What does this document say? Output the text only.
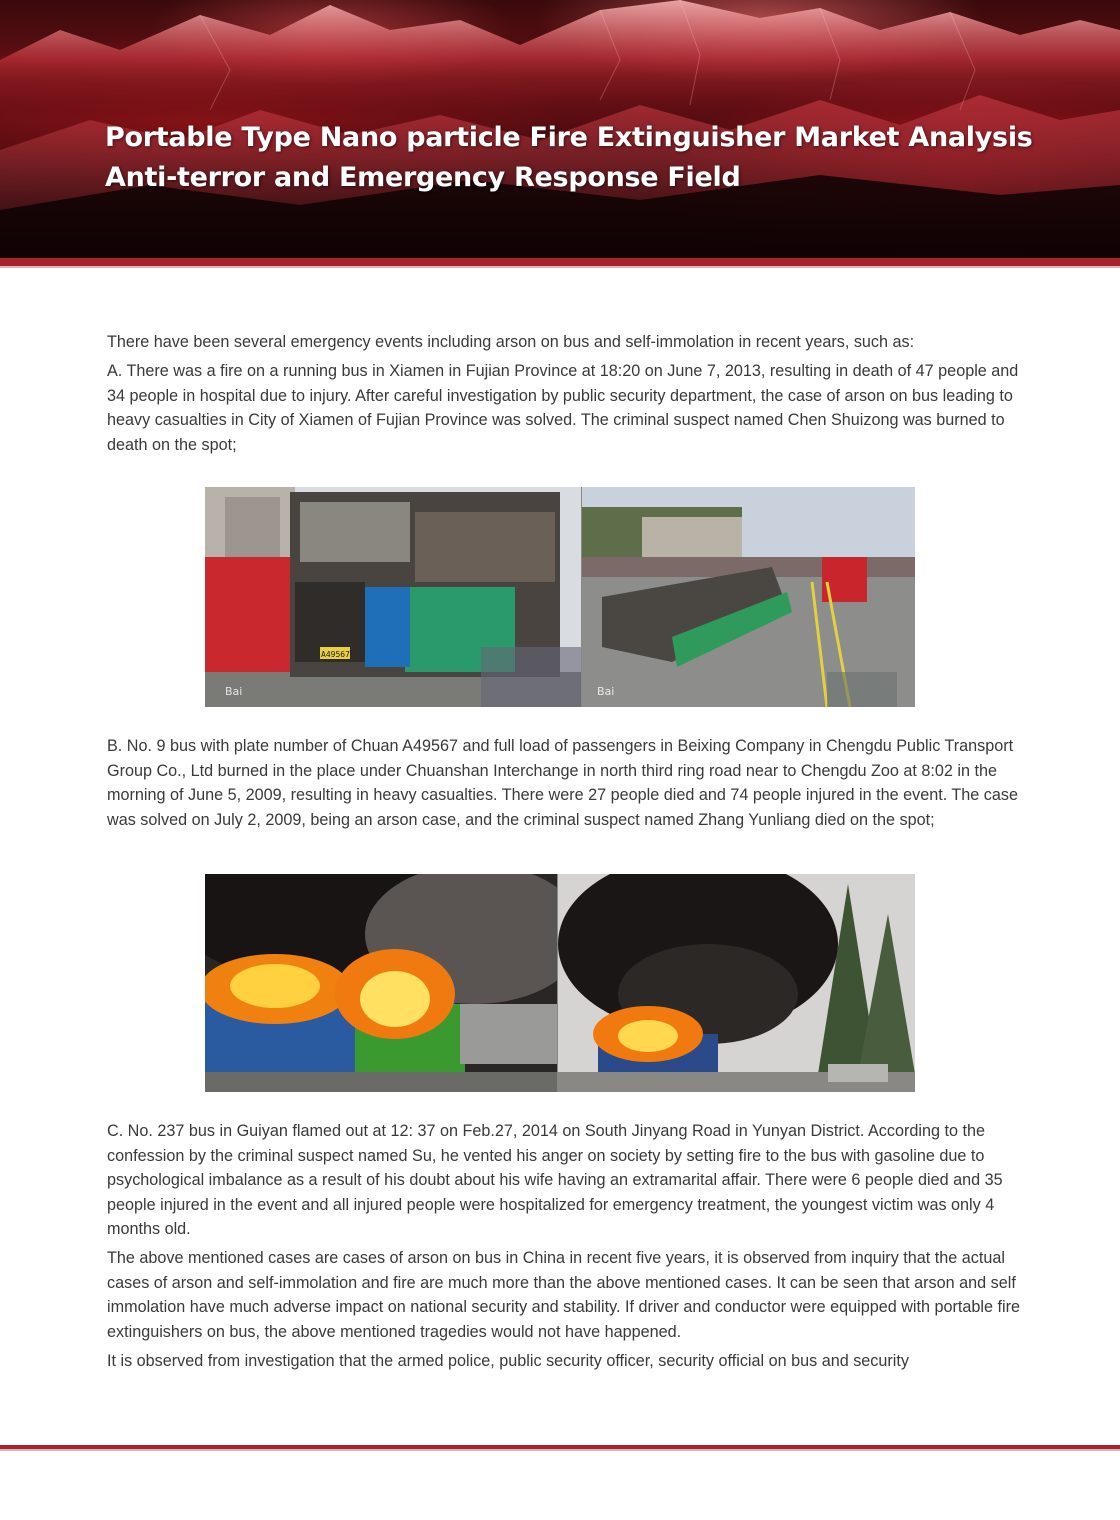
Portable Type Nano particle Fire Extinguisher Market Analysis
Anti-terror and Emergency Response Field

There have been several emergency events including arson on bus and self-immolation in recent years, such as:

A. There was a fire on a running bus in Xiamen in Fujian Province at 18:20 on June 7, 2013, resulting in death of 47 people and 34 people in hospital due to injury. After careful investigation by public security department, the case of arson on bus leading to heavy casualties in City of Xiamen of Fujian Province was solved. The criminal suspect named Chen Shuizong was burned to death on the spot;

Bai
A49567
Bai

B. No. 9 bus with plate number of Chuan A49567 and full load of passengers in Beixing Company in Chengdu Public Transport Group Co., Ltd burned in the place under Chuanshan Interchange in north third ring road near to Chengdu Zoo at 8:02 in the morning of June 5, 2009, resulting in heavy casualties. There were 27 people died and 74 people injured in the event. The case was solved on July 2, 2009, being an arson case, and the criminal suspect named Zhang Yunliang died on the spot;

C. No. 237 bus in Guiyan flamed out at 12: 37 on Feb.27, 2014 on South Jinyang Road in Yunyan District. According to the confession by the criminal suspect named Su, he vented his anger on society by setting fire to the bus with gasoline due to psychological imbalance as a result of his doubt about his wife having an extramarital affair. There were 6 people died and 35 people injured in the event and all injured people were hospitalized for emergency treatment, the youngest victim was only 4 months old.

The above mentioned cases are cases of arson on bus in China in recent five years, it is observed from inquiry that the actual cases of arson and self-immolation and fire are much more than the above mentioned cases. It can be seen that arson and self immolation have much adverse impact on national security and stability. If driver and conductor were equipped with portable fire extinguishers on bus, the above mentioned tragedies would not have happened.

It is observed from investigation that the armed police, public security officer, security official on bus and security
